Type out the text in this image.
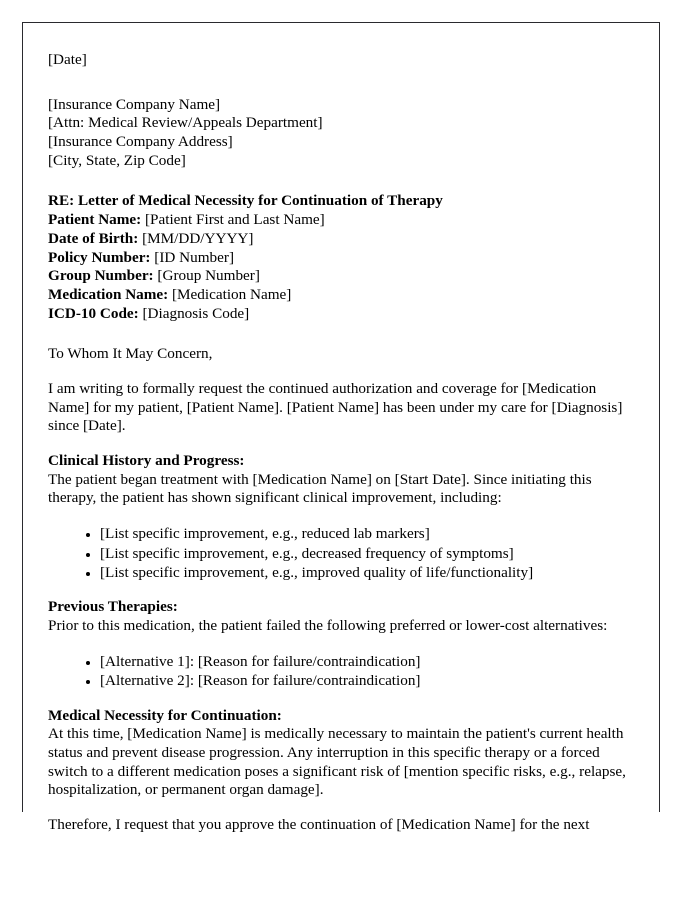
[Date]
[Insurance Company Name]
[Attn: Medical Review/Appeals Department]
[Insurance Company Address]
[City, State, Zip Code]
RE: Letter of Medical Necessity for Continuation of Therapy
Patient Name: [Patient First and Last Name]
Date of Birth: [MM/DD/YYYY]
Policy Number: [ID Number]
Group Number: [Group Number]
Medication Name: [Medication Name]
ICD-10 Code: [Diagnosis Code]

To Whom It May Concern,

I am writing to formally request the continued authorization and coverage for [Medication Name] for my patient, [Patient Name]. [Patient Name] has been under my care for [Diagnosis] since [Date].

Clinical History and Progress:

The patient began treatment with [Medication Name] on [Start Date]. Since initiating this therapy, the patient has shown significant clinical improvement, including:

• [List specific improvement, e.g., reduced lab markers]
• [List specific improvement, e.g., decreased frequency of symptoms]
• [List specific improvement, e.g., improved quality of life/functionality]

Previous Therapies:

Prior to this medication, the patient failed the following preferred or lower-cost alternatives:

• [Alternative 1]: [Reason for failure/contraindication]
• [Alternative 2]: [Reason for failure/contraindication]

Medical Necessity for Continuation:

At this time, [Medication Name] is medically necessary to maintain the patient's current health status and prevent disease progression. Any interruption in this specific therapy or a forced switch to a different medication poses a significant risk of [mention specific risks, e.g., relapse, hospitalization, or permanent organ damage].

Therefore, I request that you approve the continuation of [Medication Name] for the next
